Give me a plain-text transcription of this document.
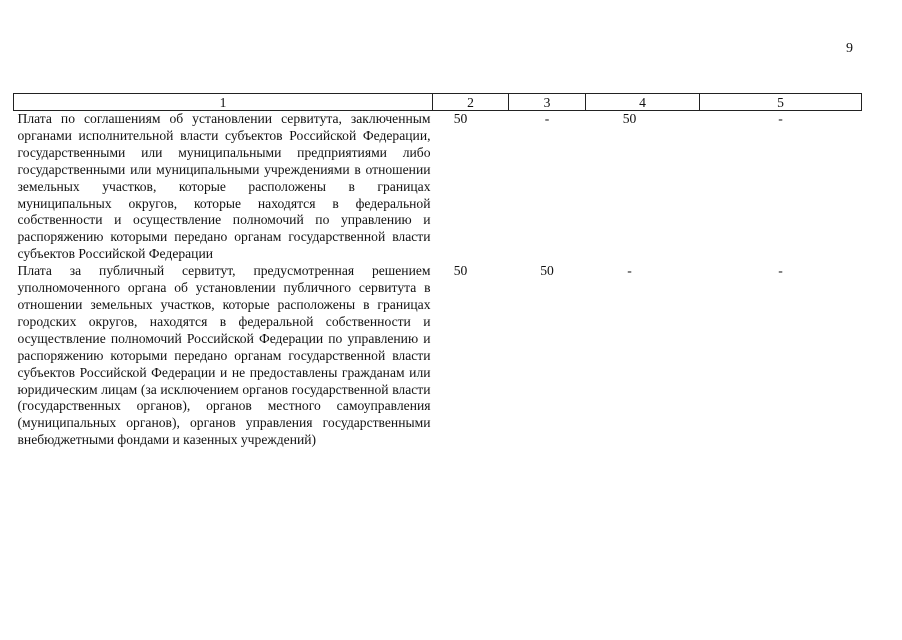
9
1	2	3	4	5
Плата по соглашениям об установлении сервитута, заключенным органами исполнительной власти субъектов Российской Федерации, государственными или муниципальными предприятиями либо государственными или муниципальными учреждениями в отношении земельных участков, которые расположены в границах муниципальных округов, которые находятся в федеральной собственности и осуществление полномочий по управлению и распоряжению которыми передано органам государственной власти субъектов Российской Федерации	50	-	50	-
Плата за публичный сервитут, предусмотренная решением уполномоченного органа об установлении публичного сервитута в отношении земельных участков, которые расположены в границах городских округов, находятся в федеральной собственности и осуществление полномочий Российской Федерации по управлению и распоряжению которыми передано органам государственной власти субъектов Российской Федерации и не предоставлены гражданам или юридическим лицам (за исключением органов государственной власти (государственных органов), органов местного самоуправления (муниципальных органов), органов управления государственными внебюджетными фондами и казенных учреждений)	50	50	-	-
